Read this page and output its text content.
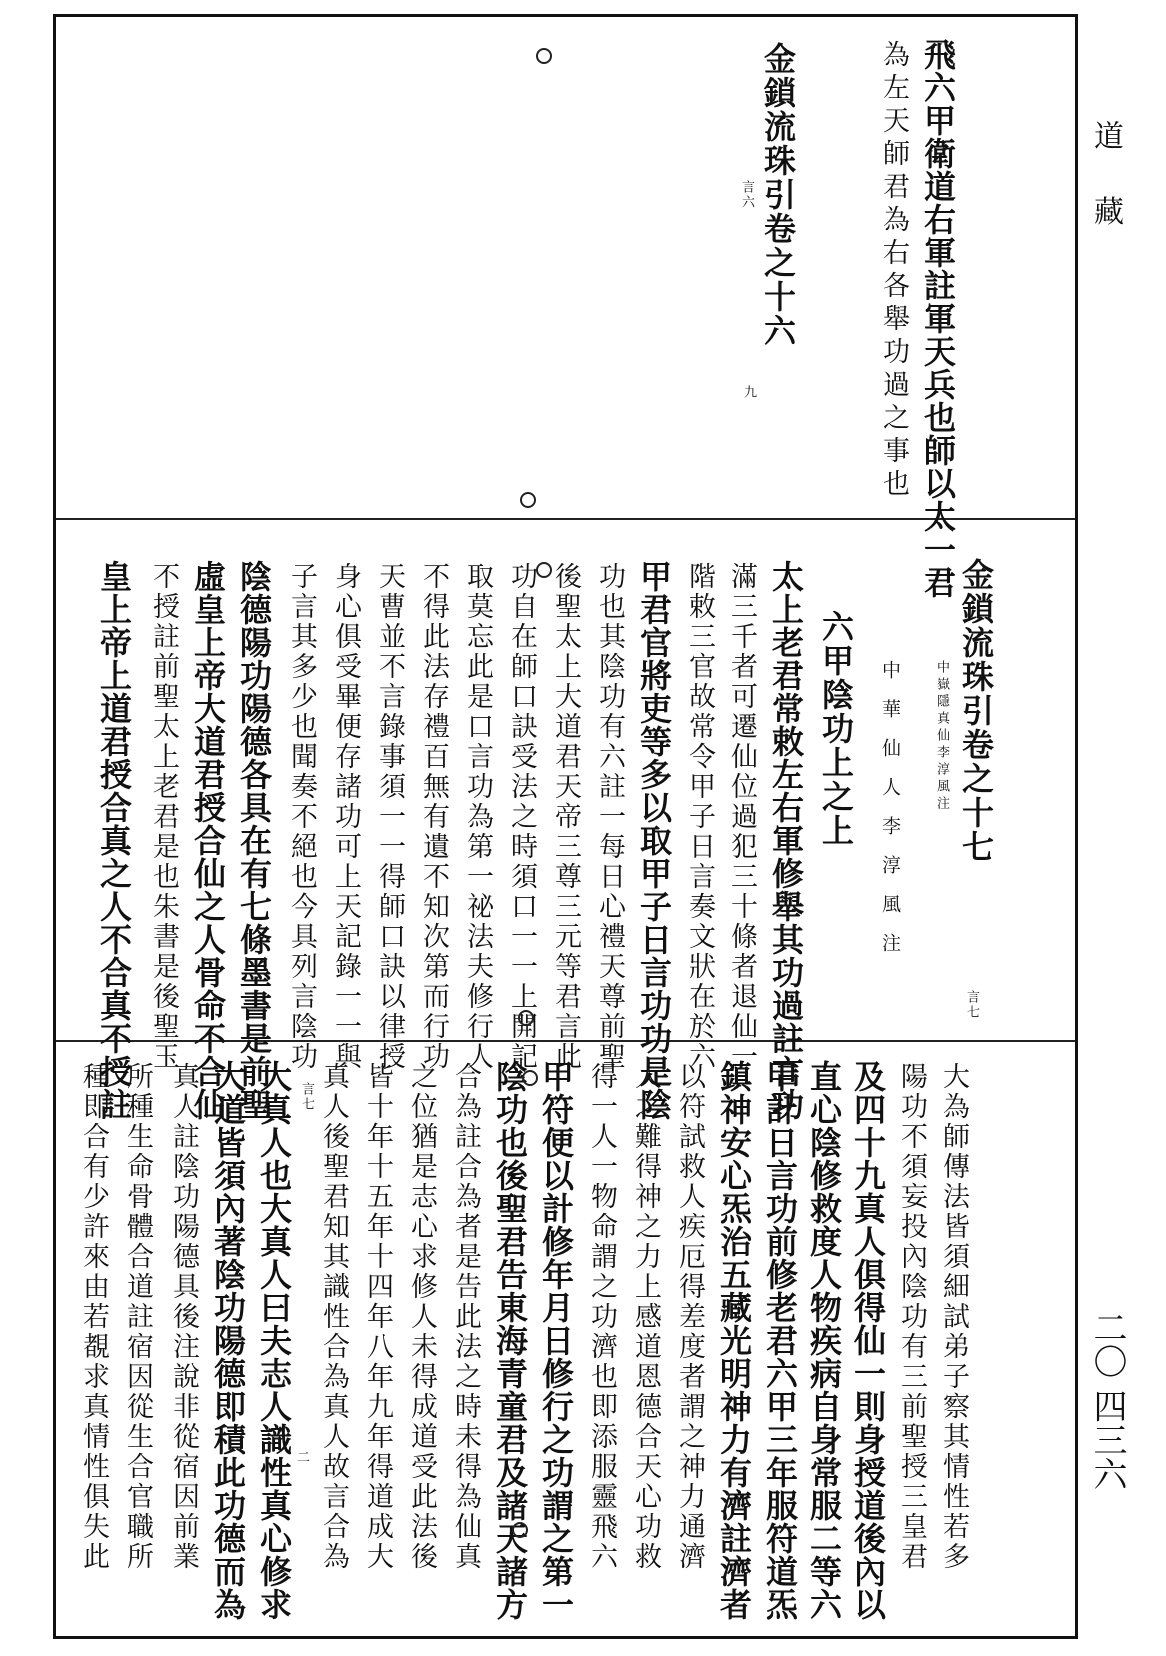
道 藏
二〇 四三六
飛六甲衛道右軍註軍天兵也師以太一君
為左天師君為右各舉功過之事也
金鎖流珠引卷之十六
言六
九
金鎖流珠引卷之十七
言七
中嶽隱真仙李淳風注
中華仙人李淳風注
六甲陰功上之上
太上老君常敕左右軍修舉其功過註言功
滿三千者可遷仙位過犯三十條者退仙一
階敕三官故常令甲子日言奏文狀在於六
甲君官將吏等多以取甲子日言功功是陰
功也其陰功有六註一每日心禮天尊前聖
後聖太上大道君天帝三尊三元等君言此
功自在師口訣受法之時須口一一上開記
取莫忘此是口言功為第一祕法夫修行人
不得此法存禮百無有遺不知次第而行功
天曹並不言錄事須一一得師口訣以律授
身心俱受畢便存諸功可上天記錄一一與
子言其多少也聞奏不絕也今具列言陰功
陰德陽功陽德各具在有七條墨書是前聖
虛皇上帝大道君授合仙之人骨命不合仙
不授註前聖太上老君是也朱書是後聖玉
皇上帝上道君授合真之人不合真不授註
大為師傳法皆須細試弟子察其情性若多
陽功不須妄投內陰功有三前聖授三皇君
及四十九真人俱得仙一則身授道後內以
直心陰修救度人物疾病自身常服二等六
甲計日言功前修老君六甲三年服符道炁
鎮神安心炁治五藏光明神力有濟註濟者
以符試救人疾厄得差度者謂之神力通濟
人之難得神之力上感道恩德合天心功救
得一人一物命謂之功濟也即添服靈飛六
甲符便以計修年月日修行之功謂之第一
陰功也後聖君告東海青童君及諸天諸方
合為註合為者是告此法之時未得為仙真
之位猶是志心求修人未得成道受此法後
皆十年十五年十四年八年九年得道成大
真人後聖君知其識性合為真人故言合為
言七
大真人也大真人曰夫志人識性真心修求 二
大道皆須內著陰功陽德即積此功德而為
真人註陰功陽德具後注說非從宿因前業
所種生命骨體合道註宿因從生合官職所
種即合有少許來由若覩求真情性俱失此
